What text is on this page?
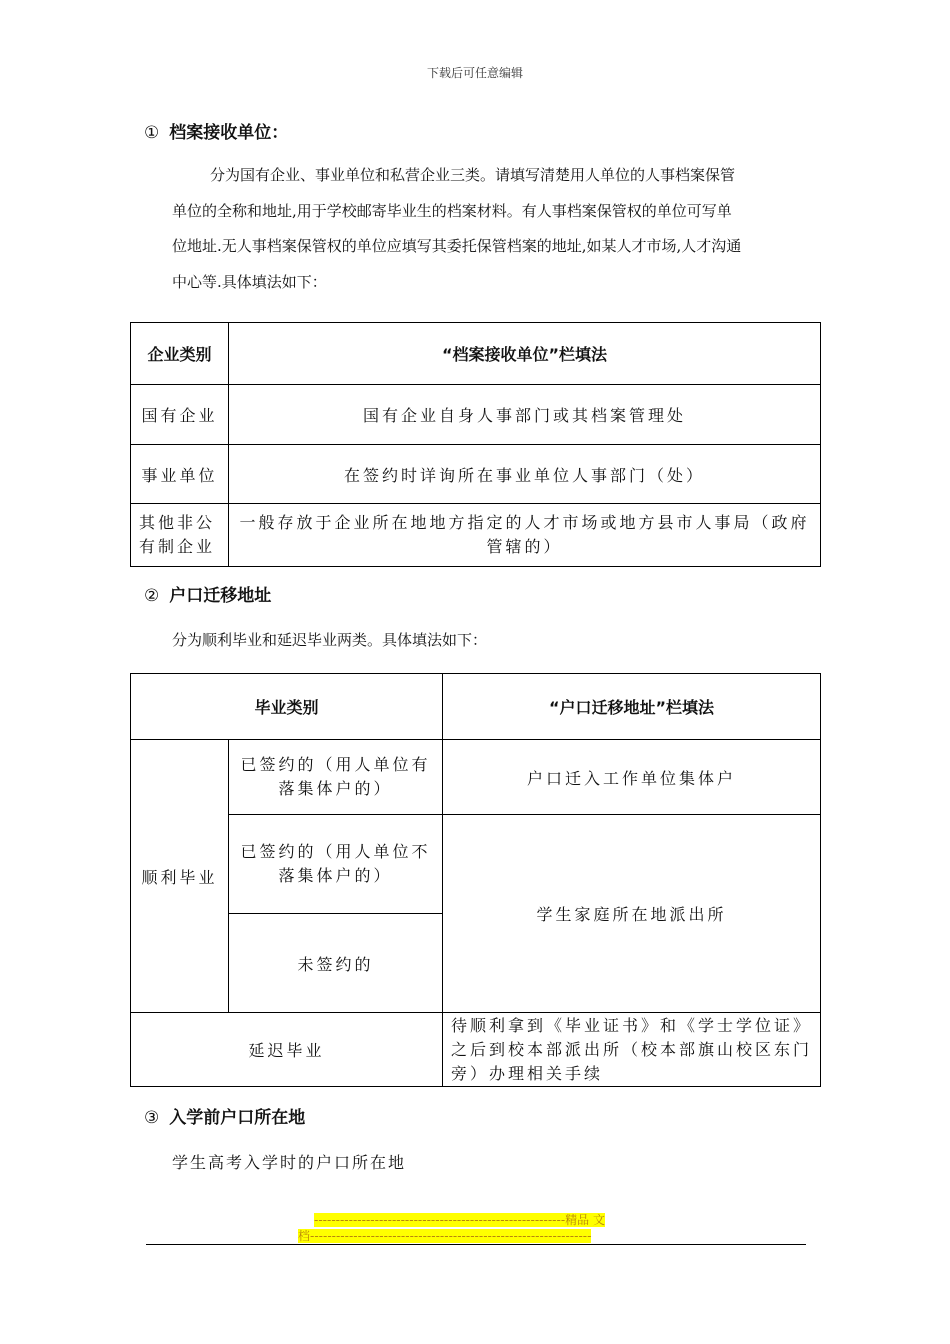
下载后可任意编辑
① 档案接收单位：
分为国有企业、事业单位和私营企业三类。请填写清楚用人单位的人事档案保管
单位的全称和地址,用于学校邮寄毕业生的档案材料。有人事档案保管权的单位可写单
位地址.无人事档案保管权的单位应填写其委托保管档案的地址,如某人才市场,人才沟通
中心等.具体填法如下：
企业类别	“档案接收单位”栏填法
国有企业	国有企业自身人事部门或其档案管理处
事业单位	在签约时详询所在事业单位人事部门（处）
其他非公有制企业	一般存放于企业所在地地方指定的人才市场或地方县市人事局（政府管辖的）
② 户口迁移地址
分为顺利毕业和延迟毕业两类。具体填法如下：
毕业类别		“户口迁移地址”栏填法
顺利毕业	已签约的（用人单位有落集体户的）	户口迁入工作单位集体户
	已签约的（用人单位不落集体户的）	学生家庭所在地派出所
	未签约的	
延迟毕业		待顺利拿到《毕业证书》和《学士学位证》之后到校本部派出所（校本部旗山校区东门旁）办理相关手续
③ 入学前户口所在地
学生高考入学时的户口所在地
----------------------------------------------------------精品 文
档-----------------------------------------------------------------
